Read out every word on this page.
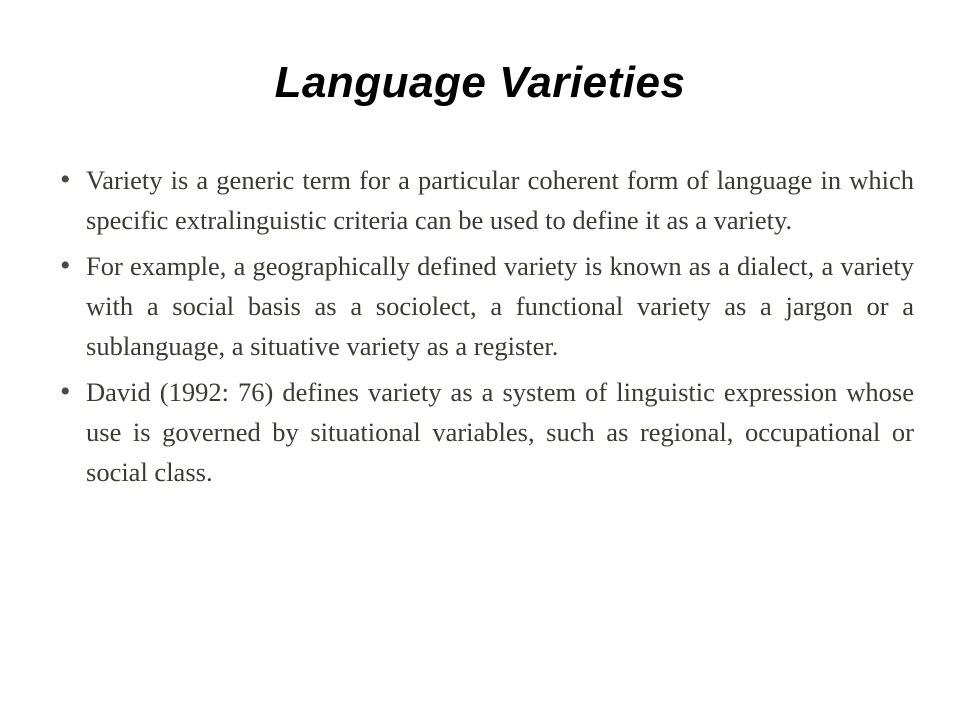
Language Varieties
• Variety is a generic term for a particular coherent form of language in which specific extralinguistic criteria can be used to define it as a variety.
• For example, a geographically defined variety is known as a dialect, a variety with a social basis as a sociolect, a functional variety as a jargon or a sublanguage, a situative variety as a register.
• David (1992: 76) defines variety as a system of linguistic expression whose use is governed by situational variables, such as regional, occupational or social class.
